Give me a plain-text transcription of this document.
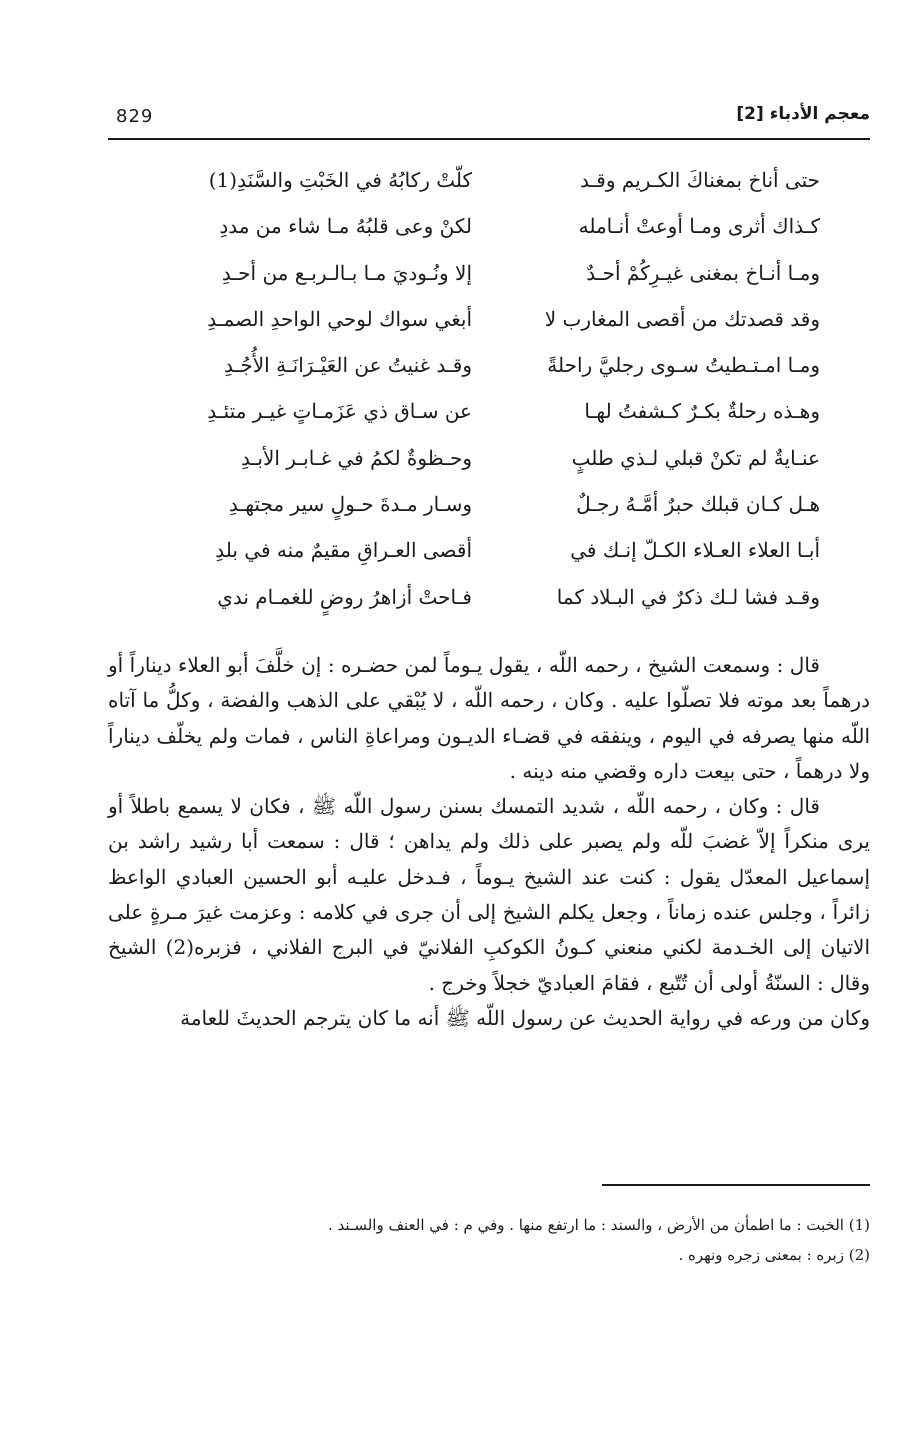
829	معجم الأدباء [2]
حتى أناخ بمغناكَ الكـريم وقـد
كلّتْ ركابُهُ في الخَبْتِ والسَّنَدِ(1)
كـذاك أثرى ومـا أوعتْ أنـامله
لكنْ وعى قلبُهُ مـا شاء من مددِ
ومـا أنـاخ بمغنى غيـرِكُمْ أحـدٌ
إلا ونُـوديَ مـا بـالـربـع من أحـدِ
وقد قصدتك من أقصى المغارب لا
أبغي سواك لوحي الواحدِ الصمـدِ
ومـا امـتـطيتُ سـوى رجليَّ راحلةً
وقـد غنيتُ عن العَيْـرَانَـةِ الأُجُـدِ
وهـذه رحلةٌ بكـرٌ كـشفتُ لهـا
عن سـاق ذي عَزَمـاتٍ غيـر متئـدِ
عنـايةٌ لم تكنْ قبلي لـذي طلبٍ
وحـظوةٌ لكمُ في غـابـر الأبـدِ
هـل كـان قبلك حبرٌ أمَّـهُ رجـلٌ
وسـار مـدةَ حـولٍ سير مجتهـدِ
أبـا العلاء العـلاء الكـلّ إنـك في
أقصى العـراقِ مقيمٌ منه في بلدِ
وقـد فشا لـك ذكرٌ في البـلاد كما
فـاحتْ أزاهرُ روضٍ للغمـام ندي

قال : وسمعت الشيخ ، رحمه اللّه ، يقول يـوماً لمن حضـره : إن خلَّفَ أبو العلاء ديناراً أو درهماً بعد موته فلا تصلّوا عليه . وكان ، رحمه اللّه ، لا يُبْقي على الذهب والفضة ، وكلُّ ما آتاه اللّه منها يصرفه في اليوم ، وينفقه في قضـاء الديـون ومراعاةِ الناس ، فمات ولم يخلّف ديناراً ولا درهماً ، حتى بيعت داره وقضي منه دينه .

قال : وكان ، رحمه اللّه ، شديد التمسك بسنن رسول اللّه ﷺ ، فكان لا يسمع باطلاً أو يرى منكراً إلاّ غضبَ للّه ولم يصبر على ذلك ولم يداهن ؛ قال : سمعت أبا رشيد راشد بن إسماعيل المعدّل يقول : كنت عند الشيخ يـوماً ، فـدخل عليـه أبو الحسين العبادي الواعظ زائراً ، وجلس عنده زماناً ، وجعل يكلم الشيخ إلى أن جرى في كلامه : وعزمت غيرَ مـرةٍ على الاتيان إلى الخـدمة لكني منعني كـونُ الكوكبِ الفلانيّ في البرج الفلاني ، فزبره(2) الشيخ وقال : السنّةُ أولى أن تُتّبع ، فقامَ العباديّ خجلاً وخرج .

وكان من ورعه في رواية الحديث عن رسول اللّه ﷺ أنه ما كان يترجم الحديثَ للعامة

(1) الخبت : ما اطمأن من الأرض ، والسند : ما ارتفع منها . وفي م : في العنف والسـند .
(2) زبره : بمعنى زجره ونهره .
